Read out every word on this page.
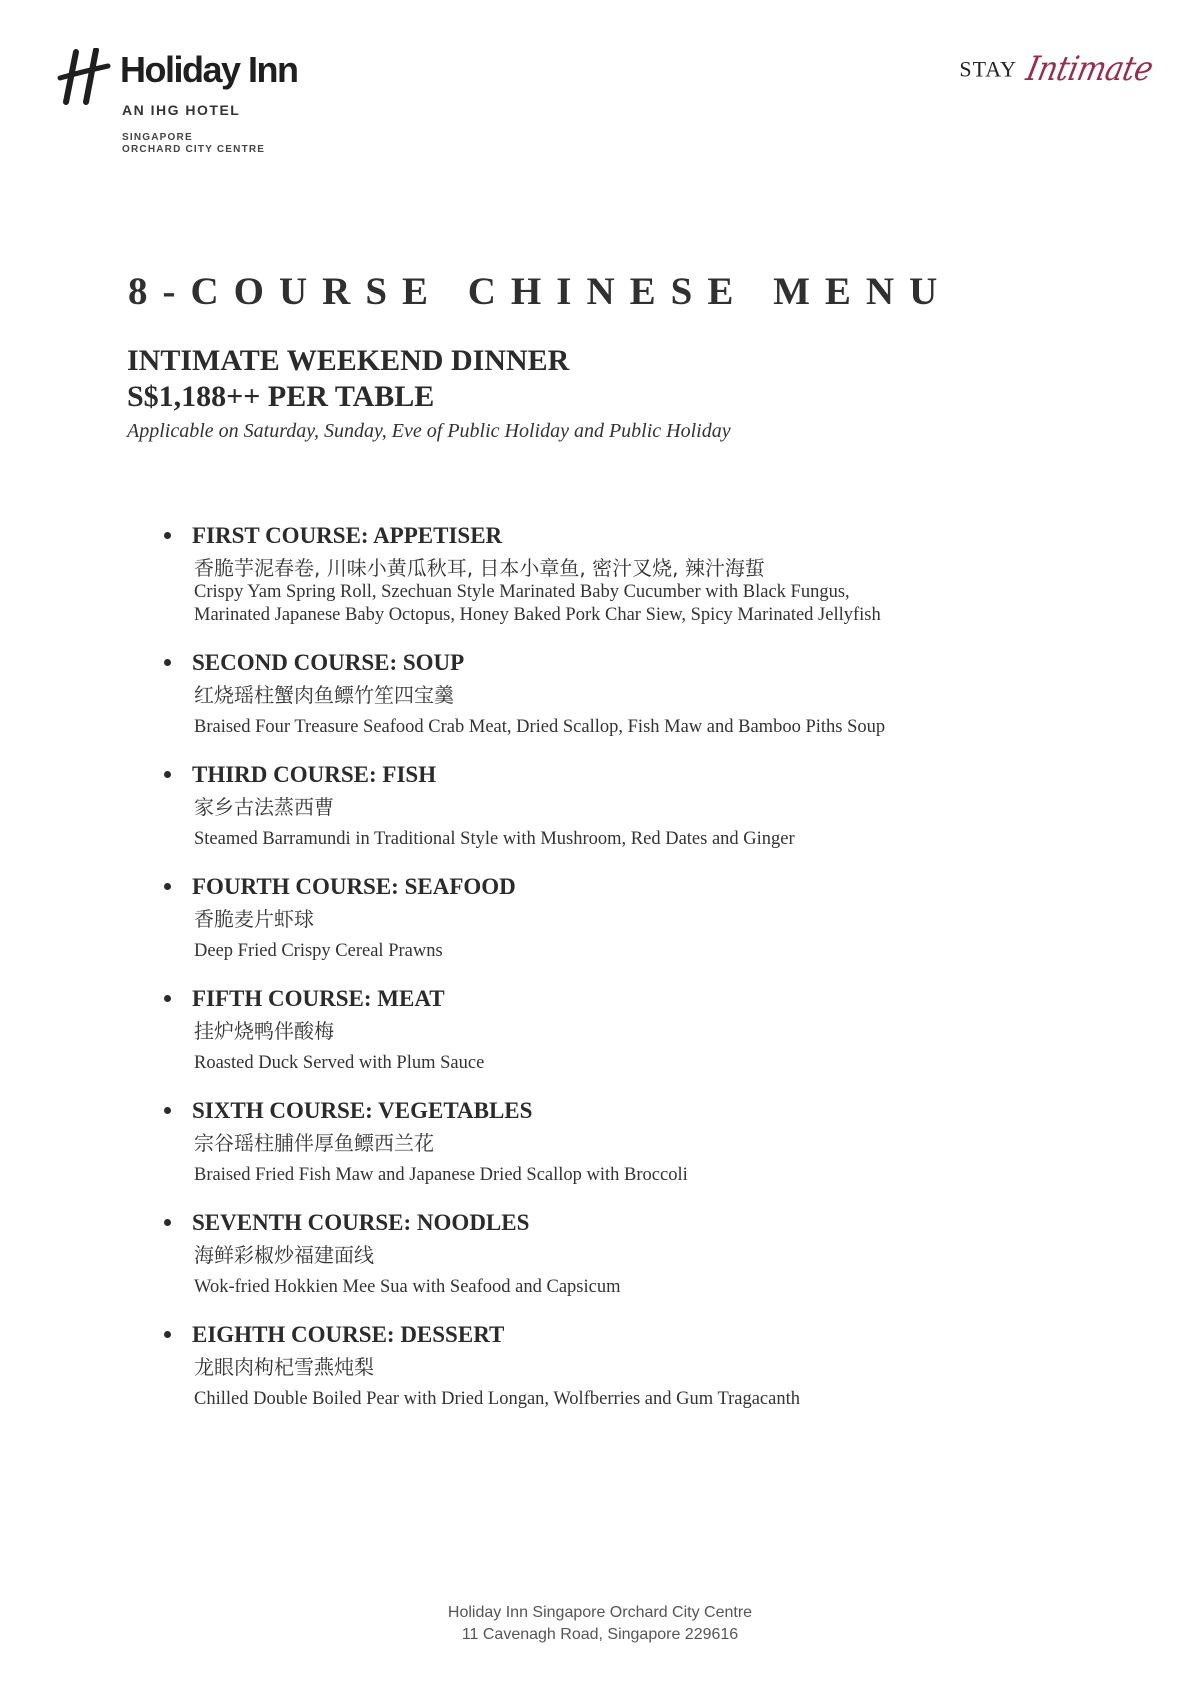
Holiday Inn
AN IHG HOTEL
SINGAPORE
ORCHARD CITY CENTRE
STAY Intimate
8-COURSE CHINESE MENU
INTIMATE WEEKEND DINNER
S$1,188++ PER TABLE
Applicable on Saturday, Sunday, Eve of Public Holiday and Public Holiday
FIRST COURSE: APPETISER
香脆芋泥春卷, 川味小黄瓜秋耳, 日本小章鱼, 密汁叉烧, 辣汁海蜇
Crispy Yam Spring Roll, Szechuan Style Marinated Baby Cucumber with Black Fungus,
Marinated Japanese Baby Octopus, Honey Baked Pork Char Siew, Spicy Marinated Jellyfish
SECOND COURSE: SOUP
红烧瑶柱蟹肉鱼鳔竹笙四宝羹
Braised Four Treasure Seafood Crab Meat, Dried Scallop, Fish Maw and Bamboo Piths Soup
THIRD COURSE: FISH
家乡古法蒸西曹
Steamed Barramundi in Traditional Style with Mushroom, Red Dates and Ginger
FOURTH COURSE: SEAFOOD
香脆麦片虾球
Deep Fried Crispy Cereal Prawns
FIFTH COURSE: MEAT
挂炉烧鸭伴酸梅
Roasted Duck Served with Plum Sauce
SIXTH COURSE: VEGETABLES
宗谷瑶柱脯伴厚鱼鳔西兰花
Braised Fried Fish Maw and Japanese Dried Scallop with Broccoli
SEVENTH COURSE: NOODLES
海鲜彩椒炒福建面线
Wok-fried Hokkien Mee Sua with Seafood and Capsicum
EIGHTH COURSE: DESSERT
龙眼肉枸杞雪燕炖梨
Chilled Double Boiled Pear with Dried Longan, Wolfberries and Gum Tragacanth
Holiday Inn Singapore Orchard City Centre
11 Cavenagh Road, Singapore 229616
